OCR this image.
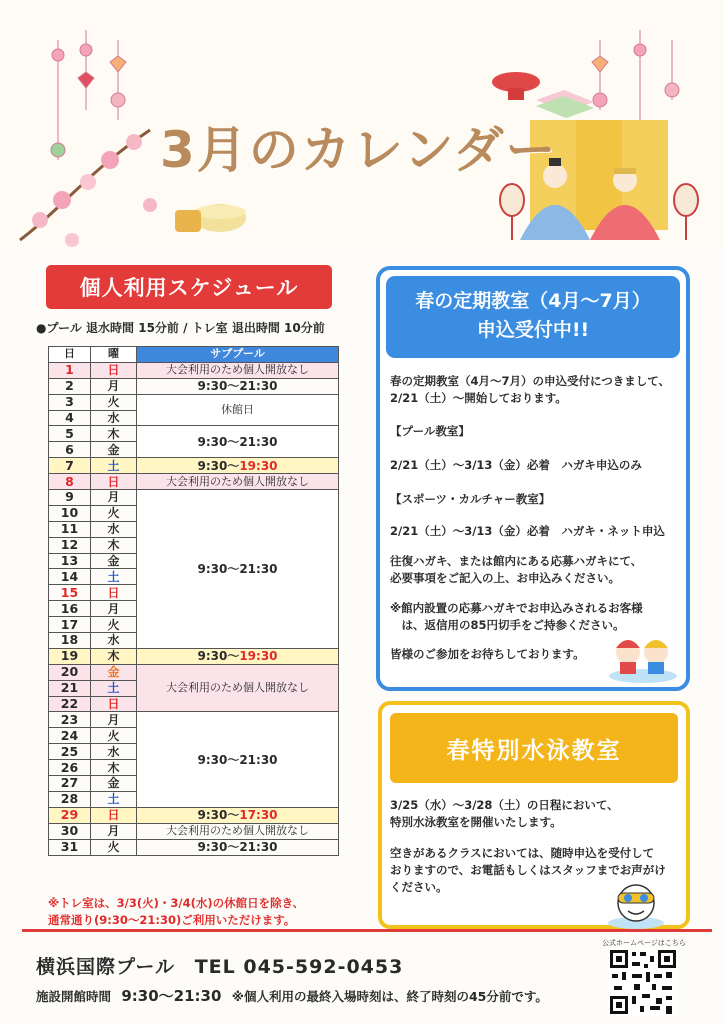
3月のカレンダー
個人利用スケジュール
●プール 退水時間 15分前 / トレ室 退出時間 10分前
日	曜	サブプール
1	日	大会利用のため個人開放なし
2	月	9:30～21:30
3	火	休館日
4	水	
5	木	9:30～21:30
6	金	
7	土	9:30～19:30
8	日	大会利用のため個人開放なし
9	月	9:30～21:30
10	火	
11	水	
12	木	
13	金	
14	土	
15	日	
16	月	
17	火	
18	水	
19	木	9:30～19:30
20	金	大会利用のため個人開放なし
21	土	
22	日	
23	月	9:30～21:30
24	火	
25	水	
26	木	
27	金	
28	土	
29	日	9:30～17:30
30	月	大会利用のため個人開放なし
31	火	9:30～21:30
※トレ室は、3/3(火)・3/4(水)の休館日を除き、
通常通り(9:30～21:30)ご利用いただけます。
春の定期教室（4月～7月）
申込受付中!!
春の定期教室（4月～7月）の申込受付につきまして、
2/21（土）～開始しております。
【プール教室】
2/21（土）～3/13（金）必着　ハガキ申込のみ
【スポーツ・カルチャー教室】
2/21（土）～3/13（金）必着　ハガキ・ネット申込
往復ハガキ、または館内にある応募ハガキにて、
必要事項をご記入の上、お申込みください。
※館内設置の応募ハガキでお申込みされるお客様
　は、返信用の85円切手をご持参ください。
皆様のご参加をお待ちしております。
春特別水泳教室
3/25（水）～3/28（土）の日程において、
特別水泳教室を開催いたします。
空きがあるクラスにおいては、随時申込を受付して
おりますので、お電話もしくはスタッフまでお声がけ
ください。
横浜国際プール TEL 045-592-0453
施設開館時間 9:30～21:30 ※個人利用の最終入場時刻は、終了時刻の45分前です。
公式ホームページはこちら
